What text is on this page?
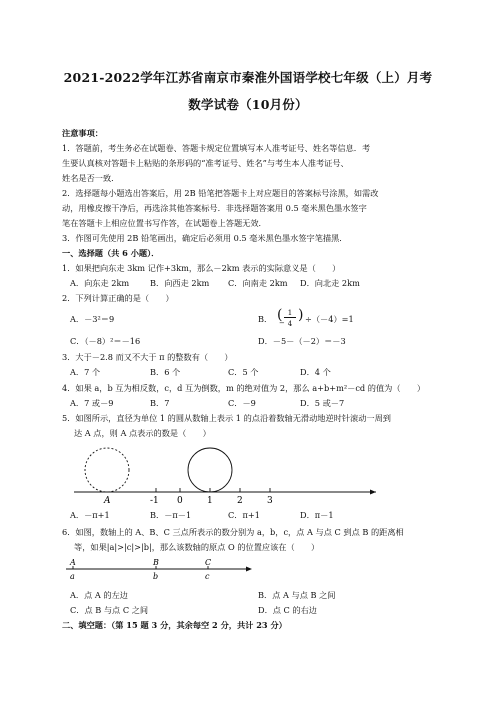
2021-2022学年江苏省南京市秦淮外国语学校七年级（上）月考
数学试卷（10月份）
注意事项：
1．答题前，考生务必在试题卷、答题卡规定位置填写本人准考证号、姓名等信息．考
生要认真核对答题卡上粘贴的条形码的“准考证号、姓名”与考生本人准考证号、
姓名是否一致．
2．选择题每小题选出答案后，用 2B 铅笔把答题卡上对应题目的答案标号涂黑，如需改
动，用橡皮擦干净后，再选涂其他答案标号．非选择题答案用 0.5 毫米黑色墨水签字
笔在答题卡上相应位置书写作答，在试题卷上答题无效．
3．作图可先使用 2B 铅笔画出，确定后必须用 0.5 毫米黑色墨水签字笔描黑．
一、选择题（共 6 小题）．
1．如果把向东走 3km 记作+3km，那么－2km 表示的实际意义是（　　）
A．向东走 2km	B．向西走 2km C．向南走 2km D．向北走 2km
2．下列计算正确的是（　　）
A．－3²＝9	B． ( 1
− 4
) ÷（－4）=1
C．（－8）²＝－16	D．－5－（－2）＝－3
3．大于－2.8 而又不大于 π 的整数有（　　）
A．7 个	B．6 个	C．5 个	D．4 个
4．如果 a，b 互为相反数，c，d 互为倒数，m 的绝对值为 2，那么 a+b+m²－cd 的值为（　　）
A．7 或－9	B．7	C．－9	D．5 或－7
5．如图所示，直径为单位 1 的圆从数轴上表示 1 的点沿着数轴无滑动地逆时针滚动一周到
达 A 点，则 A 点表示的数是（　　）
A	-1 0	1	2	3
A．－π+1	B．－π－1	C．π+1	D．π－1
6．如图，数轴上的 A、B、C 三点所表示的数分别为 a，b，c，点 A 与点 C 到点 B 的距离相
等，如果|a|>|c|>|b|，那么该数轴的原点 O 的位置应该在（　　）
A	B	C
a	b	c
A．点 A 的左边	B．点 A 与点 B 之间
C．点 B 与点 C 之间	D．点 C 的右边
二、填空题：（第 15 题 3 分，其余每空 2 分，共计 23 分）
